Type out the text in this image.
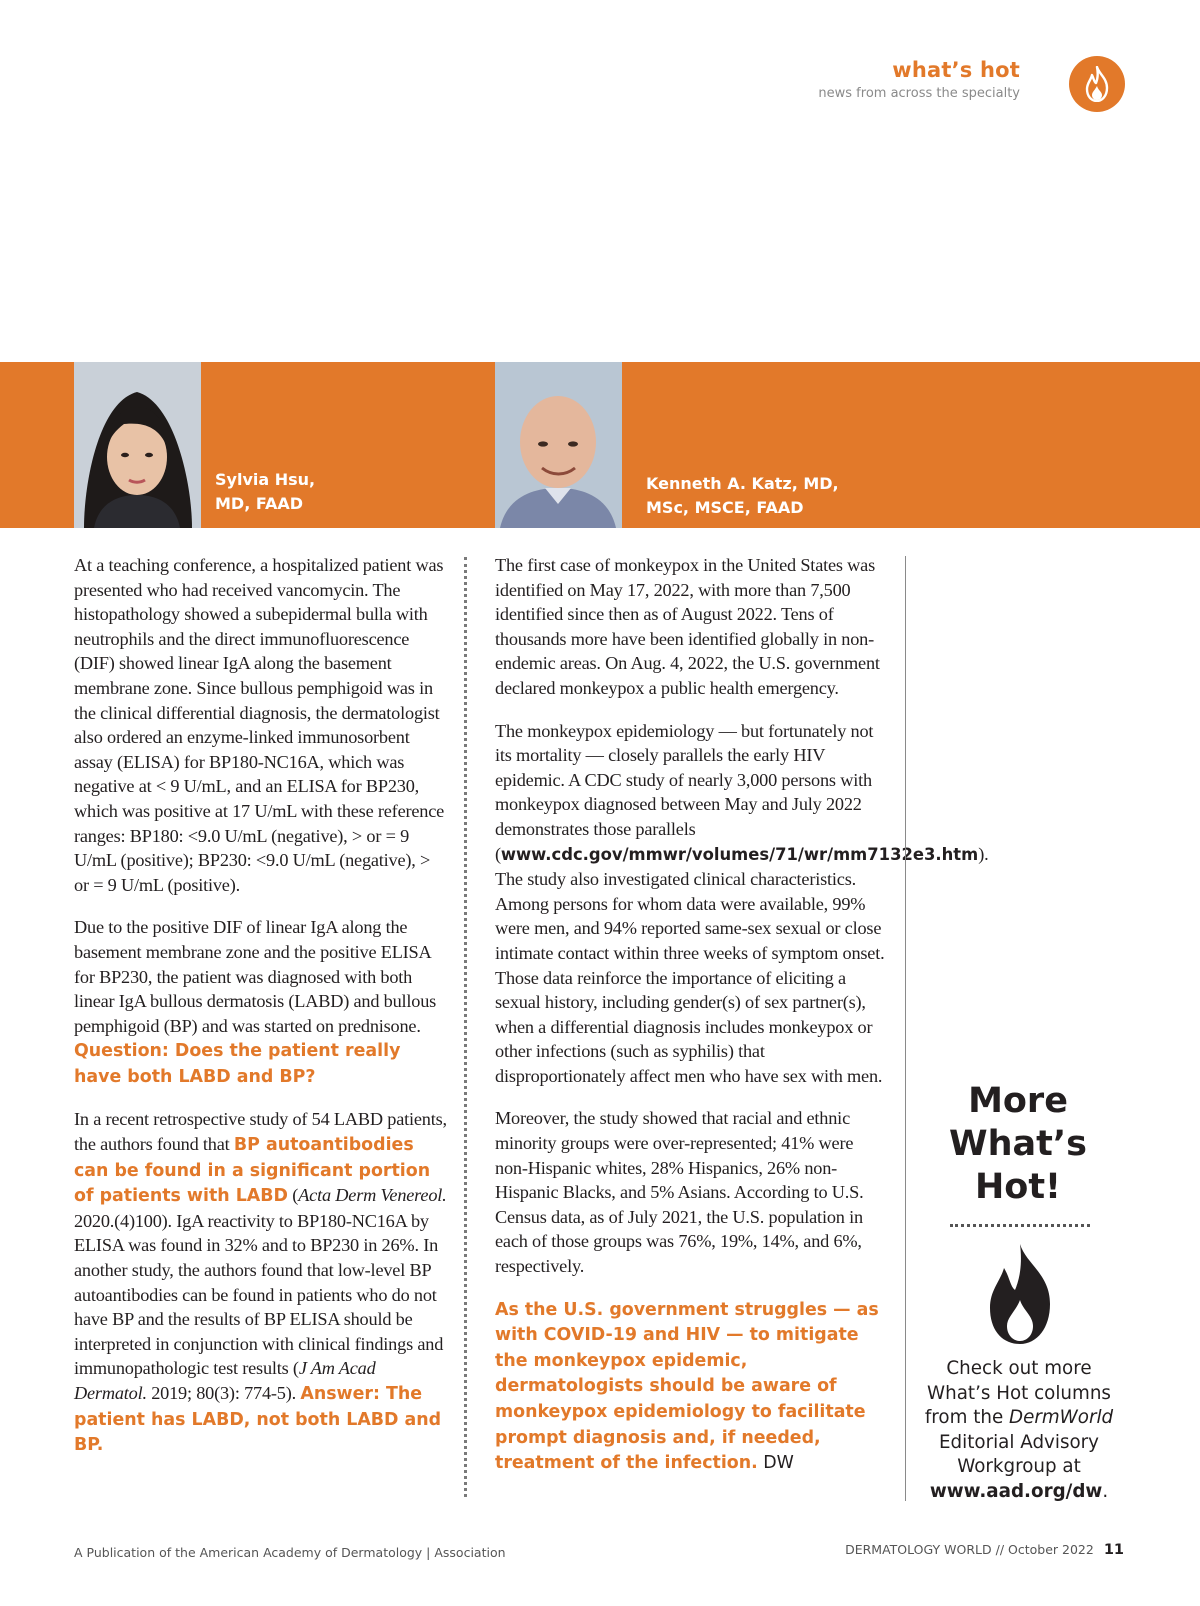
what’s hot
news from across the specialty
Sylvia Hsu,
MD, FAAD
Kenneth A. Katz, MD,
MSc, MSCE, FAAD

At a teaching conference, a hospitalized patient was presented who had received vancomycin. The histopathology showed a subepidermal bulla with neutrophils and the direct immunofluorescence (DIF) showed linear IgA along the basement membrane zone. Since bullous pemphigoid was in the clinical differential diagnosis, the dermatologist also ordered an enzyme-linked immunosorbent assay (ELISA) for BP180-NC16A, which was negative at < 9 U/mL, and an ELISA for BP230, which was positive at 17 U/mL with these reference ranges: BP180: <9.0 U/mL (negative), > or = 9 U/mL (positive); BP230: <9.0 U/mL (negative), > or = 9 U/mL (positive).

Due to the positive DIF of linear IgA along the basement membrane zone and the positive ELISA for BP230, the patient was diagnosed with both linear IgA bullous dermatosis (LABD) and bullous pemphigoid (BP) and was started on prednisone. Question: Does the patient really have both LABD and BP?

In a recent retrospective study of 54 LABD patients, the authors found that BP autoantibodies can be found in a significant portion of patients with LABD (Acta Derm Venereol. 2020.(4)100). IgA reactivity to BP180-NC16A by ELISA was found in 32% and to BP230 in 26%. In another study, the authors found that low-level BP autoantibodies can be found in patients who do not have BP and the results of BP ELISA should be interpreted in conjunction with clinical findings and immunopathologic test results (J Am Acad Dermatol. 2019; 80(3): 774-5). Answer: The patient has LABD, not both LABD and BP.

The first case of monkeypox in the United States was identified on May 17, 2022, with more than 7,500 identified since then as of August 2022. Tens of thousands more have been identified globally in non-endemic areas. On Aug. 4, 2022, the U.S. government declared monkeypox a public health emergency.

The monkeypox epidemiology — but fortunately not its mortality — closely parallels the early HIV epidemic. A CDC study of nearly 3,000 persons with monkeypox diagnosed between May and July 2022 demonstrates those parallels (www.cdc.gov/mmwr/volumes/71/wr/mm7132e3.htm). The study also investigated clinical characteristics. Among persons for whom data were available, 99% were men, and 94% reported same-sex sexual or close intimate contact within three weeks of symptom onset. Those data reinforce the importance of eliciting a sexual history, including gender(s) of sex partner(s), when a differential diagnosis includes monkeypox or other infections (such as syphilis) that disproportionately affect men who have sex with men.

Moreover, the study showed that racial and ethnic minority groups were over-represented; 41% were non-Hispanic whites, 28% Hispanics, 26% non-Hispanic Blacks, and 5% Asians. According to U.S. Census data, as of July 2021, the U.S. population in each of those groups was 76%, 19%, 14%, and 6%, respectively.

As the U.S. government struggles — as with COVID-19 and HIV — to mitigate the monkeypox epidemic, dermatologists should be aware of monkeypox epidemiology to facilitate prompt diagnosis and, if needed, treatment of the infection. DW

More
What’s
Hot!
Check out more What’s Hot columns from the DermWorld Editorial Advisory Workgroup at www.aad.org/dw.
A Publication of the American Academy of Dermatology | Association	DERMATOLOGY WORLD // October 2022 11
